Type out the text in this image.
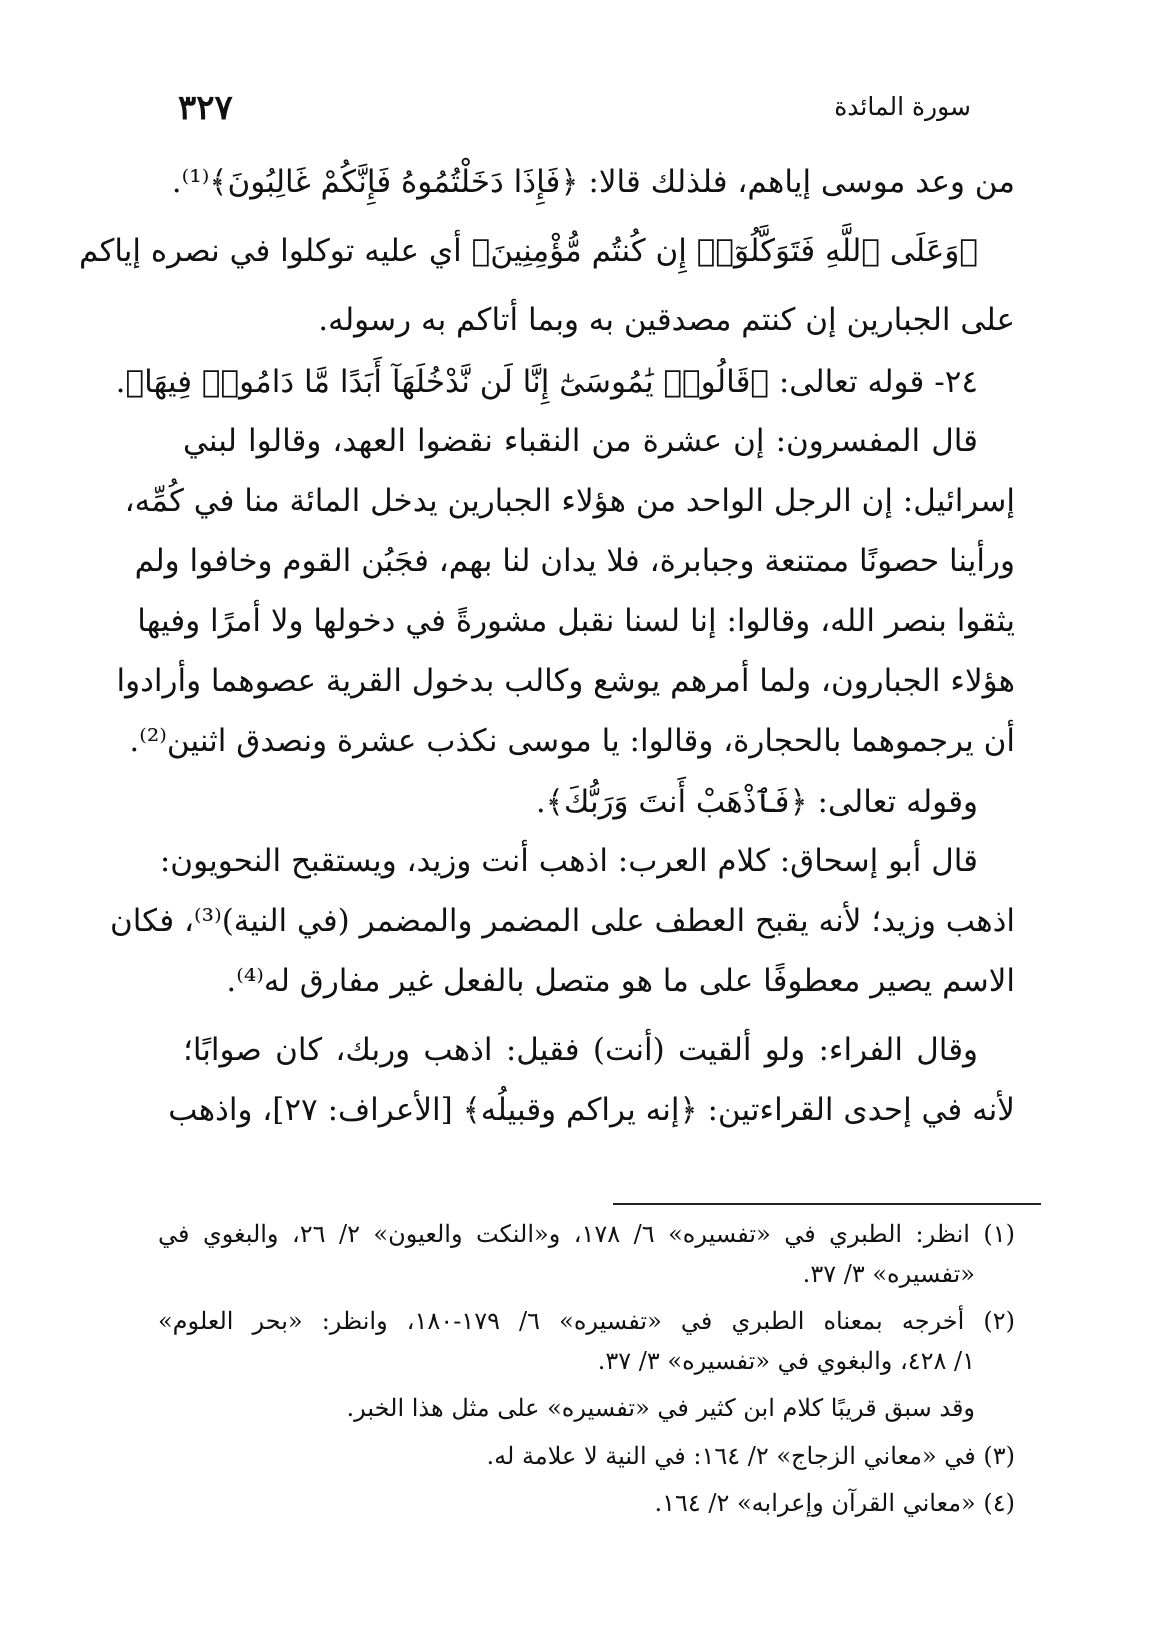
٣٢٧	سورة المائدة
من وعد موسى إياهم، فلذلك قالا: ﴿فَإِذَا دَخَلْتُمُوهُ فَإِنَّكُمْ غَالِبُونَ﴾⁽¹⁾.
﴿وَعَلَى ٱللَّهِ فَتَوَكَّلُوٓا۟ إِن كُنتُم مُّؤْمِنِينَ﴾ أي عليه توكلوا في نصره إياكم
على الجبارين إن كنتم مصدقين به وبما أتاكم به رسوله.
٢٤- قوله تعالى: ﴿قَالُوا۟ يَٰمُوسَىٰٓ إِنَّا لَن نَّدْخُلَهَآ أَبَدًا مَّا دَامُوا۟ فِيهَا﴾.
قال المفسرون: إن عشرة من النقباء نقضوا العهد، وقالوا لبني
إسرائيل: إن الرجل الواحد من هؤلاء الجبارين يدخل المائة منا في كُمِّه،
ورأينا حصونًا ممتنعة وجبابرة، فلا يدان لنا بهم، فجَبُن القوم وخافوا ولم
يثقوا بنصر الله، وقالوا: إنا لسنا نقبل مشورةً في دخولها ولا أمرًا وفيها
هؤلاء الجبارون، ولما أمرهم يوشع وكالب بدخول القرية عصوهما وأرادوا
أن يرجموهما بالحجارة، وقالوا: يا موسى نكذب عشرة ونصدق اثنين⁽²⁾.
وقوله تعالى: ﴿فَٱذْهَبْ أَنتَ وَرَبُّكَ﴾.
قال أبو إسحاق: كلام العرب: اذهب أنت وزيد، ويستقبح النحويون:
اذهب وزيد؛ لأنه يقبح العطف على المضمر والمضمر (في النية)⁽³⁾، فكان
الاسم يصير معطوفًا على ما هو متصل بالفعل غير مفارق له⁽⁴⁾.
وقال الفراء: ولو ألقيت (أنت) فقيل: اذهب وربك، كان صوابًا؛
لأنه في إحدى القراءتين: ﴿إنه يراكم وقبيلُه﴾ [الأعراف: ٢٧]، واذهب
(١) انظر: الطبري في «تفسيره» ٦/ ١٧٨، و«النكت والعيون» ٢/ ٢٦، والبغوي في
«تفسيره» ٣/ ٣٧.
(٢) أخرجه بمعناه الطبري في «تفسيره» ٦/ ١٧٩-١٨٠، وانظر: «بحر العلوم»
١/ ٤٢٨، والبغوي في «تفسيره» ٣/ ٣٧.
وقد سبق قريبًا كلام ابن كثير في «تفسيره» على مثل هذا الخبر.
(٣) في «معاني الزجاج» ٢/ ١٦٤: في النية لا علامة له.
(٤) «معاني القرآن وإعرابه» ٢/ ١٦٤.
